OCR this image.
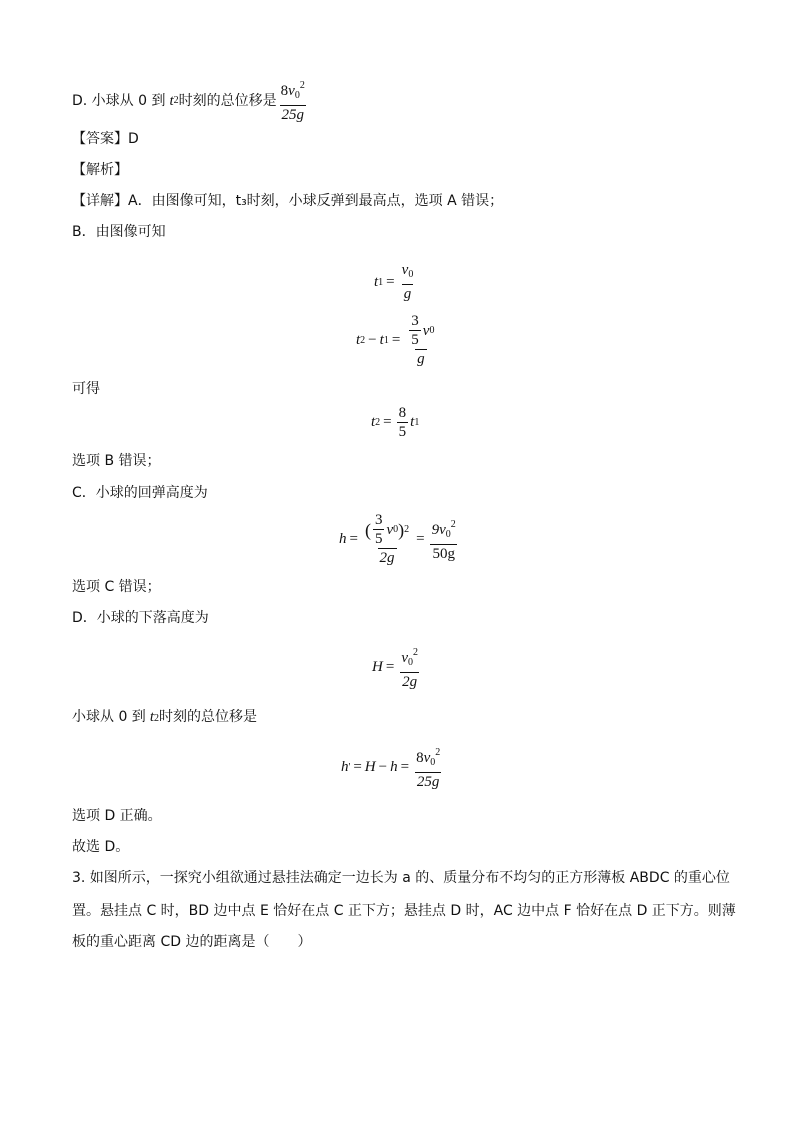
D. 小球从 0 到 t 2 时刻的总位移是 $\frac{8v_0^2}{25g}$
【答案】D
【解析】
【详解】A．由图像可知，t₃时刻，小球反弹到最高点，选项 A 错误；
B．由图像可知
t $1 = \frac{v_0}{g}$
t 2 − t $1 = \frac{\frac{3}{5} v 0}{g}$
可得
t $2 = \frac{8}{5}$ t 1
选项 B 错误；
C．小球的回弹高度为
$h = \frac{( \frac{3}{5} v 0 ) 2}{2g} = \frac{9v_0^2}{50g}$
选项 C 错误；
D．小球的下落高度为
$H = \frac{v_0^2}{2g}$
小球从 0 到 t 2 时刻的总位移是
h ' = $H - h = \frac{8v_0^2}{25g}$
选项 D 正确。
故选 D。
3. 如图所示，一探究小组欲通过悬挂法确定一边长为 a 的、质量分布不均匀的正方形薄板 ABDC 的重心位
置。悬挂点 C 时，BD 边中点 E 恰好在点 C 正下方；悬挂点 D 时，AC 边中点 F 恰好在点 D 正下方。则薄
板的重心距离 CD 边的距离是（　　）
